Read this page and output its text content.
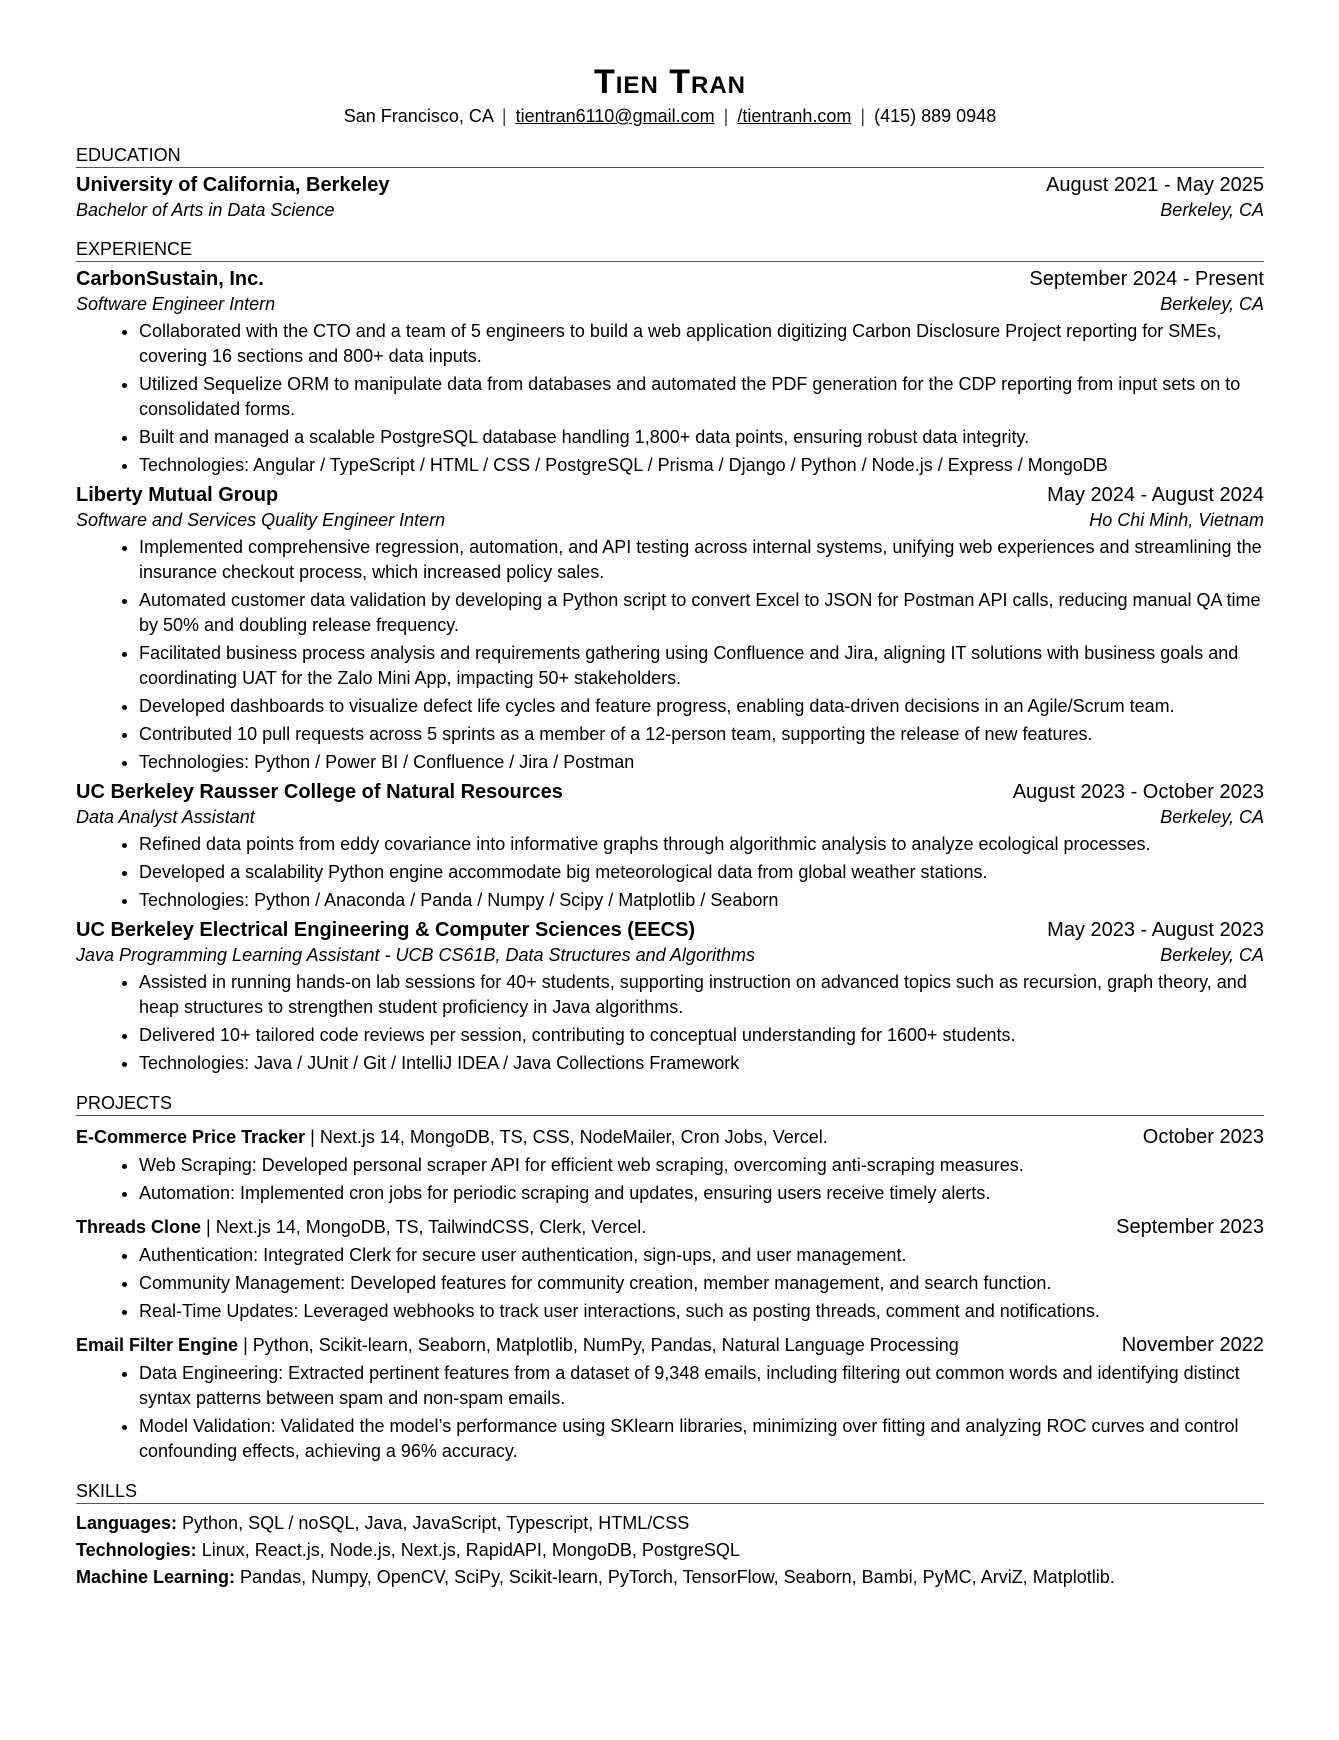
Tien Tran
San Francisco, CA | tientran6110@gmail.com | /tientranh.com | (415) 889 0948
EDUCATION
University of California, Berkeley	August 2021 - May 2025
Bachelor of Arts in Data Science	Berkeley, CA
EXPERIENCE
CarbonSustain, Inc.	September 2024 - Present
Software Engineer Intern	Berkeley, CA
• Collaborated with the CTO and a team of 5 engineers to build a web application digitizing Carbon Disclosure Project reporting for SMEs, covering 16 sections and 800+ data inputs.
• Utilized Sequelize ORM to manipulate data from databases and automated the PDF generation for the CDP reporting from input sets on to consolidated forms.
• Built and managed a scalable PostgreSQL database handling 1,800+ data points, ensuring robust data integrity.
• Technologies: Angular / TypeScript / HTML / CSS / PostgreSQL / Prisma / Django / Python / Node.js / Express / MongoDB
Liberty Mutual Group	May 2024 - August 2024
Software and Services Quality Engineer Intern	Ho Chi Minh, Vietnam
• Implemented comprehensive regression, automation, and API testing across internal systems, unifying web experiences and streamlining the insurance checkout process, which increased policy sales.
• Automated customer data validation by developing a Python script to convert Excel to JSON for Postman API calls, reducing manual QA time by 50% and doubling release frequency.
• Facilitated business process analysis and requirements gathering using Confluence and Jira, aligning IT solutions with business goals and coordinating UAT for the Zalo Mini App, impacting 50+ stakeholders.
• Developed dashboards to visualize defect life cycles and feature progress, enabling data-driven decisions in an Agile/Scrum team.
• Contributed 10 pull requests across 5 sprints as a member of a 12-person team, supporting the release of new features.
• Technologies: Python / Power BI / Confluence / Jira / Postman
UC Berkeley Rausser College of Natural Resources	August 2023 - October 2023
Data Analyst Assistant	Berkeley, CA
• Refined data points from eddy covariance into informative graphs through algorithmic analysis to analyze ecological processes.
• Developed a scalability Python engine accommodate big meteorological data from global weather stations.
• Technologies: Python / Anaconda / Panda / Numpy / Scipy / Matplotlib / Seaborn
UC Berkeley Electrical Engineering & Computer Sciences (EECS)	May 2023 - August 2023
Java Programming Learning Assistant - UCB CS61B, Data Structures and Algorithms	Berkeley, CA
• Assisted in running hands-on lab sessions for 40+ students, supporting instruction on advanced topics such as recursion, graph theory, and heap structures to strengthen student proficiency in Java algorithms.
• Delivered 10+ tailored code reviews per session, contributing to conceptual understanding for 1600+ students.
• Technologies: Java / JUnit / Git / IntelliJ IDEA / Java Collections Framework
PROJECTS
E-Commerce Price Tracker | Next.js 14, MongoDB, TS, CSS, NodeMailer, Cron Jobs, Vercel.	October 2023
• Web Scraping: Developed personal scraper API for efficient web scraping, overcoming anti-scraping measures.
• Automation: Implemented cron jobs for periodic scraping and updates, ensuring users receive timely alerts.
Threads Clone | Next.js 14, MongoDB, TS, TailwindCSS, Clerk, Vercel.	September 2023
• Authentication: Integrated Clerk for secure user authentication, sign-ups, and user management.
• Community Management: Developed features for community creation, member management, and search function.
• Real-Time Updates: Leveraged webhooks to track user interactions, such as posting threads, comment and notifications.
Email Filter Engine | Python, Scikit-learn, Seaborn, Matplotlib, NumPy, Pandas, Natural Language Processing	November 2022
• Data Engineering: Extracted pertinent features from a dataset of 9,348 emails, including filtering out common words and identifying distinct syntax patterns between spam and non-spam emails.
• Model Validation: Validated the model’s performance using SKlearn libraries, minimizing over fitting and analyzing ROC curves and control confounding effects, achieving a 96% accuracy.
SKILLS
Languages: Python, SQL / noSQL, Java, JavaScript, Typescript, HTML/CSS
Technologies: Linux, React.js, Node.js, Next.js, RapidAPI, MongoDB, PostgreSQL
Machine Learning: Pandas, Numpy, OpenCV, SciPy, Scikit-learn, PyTorch, TensorFlow, Seaborn, Bambi, PyMC, ArviZ, Matplotlib.
